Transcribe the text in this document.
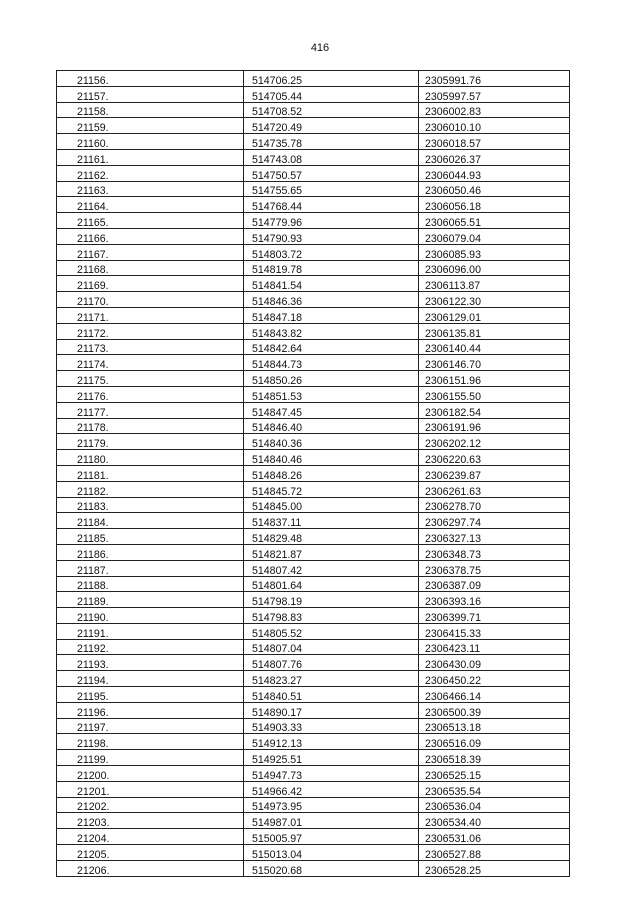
416
21156.	514706.25	2305991.76
21157.	514705.44	2305997.57
21158.	514708.52	2306002.83
21159.	514720.49	2306010.10
21160.	514735.78	2306018.57
21161.	514743.08	2306026.37
21162.	514750.57	2306044.93
21163.	514755.65	2306050.46
21164.	514768.44	2306056.18
21165.	514779.96	2306065.51
21166.	514790.93	2306079.04
21167.	514803.72	2306085.93
21168.	514819.78	2306096.00
21169.	514841.54	2306113.87
21170.	514846.36	2306122.30
21171.	514847.18	2306129.01
21172.	514843.82	2306135.81
21173.	514842.64	2306140.44
21174.	514844.73	2306146.70
21175.	514850.26	2306151.96
21176.	514851.53	2306155.50
21177.	514847.45	2306182.54
21178.	514846.40	2306191.96
21179.	514840.36	2306202.12
21180.	514840.46	2306220.63
21181.	514848.26	2306239.87
21182.	514845.72	2306261.63
21183.	514845.00	2306278.70
21184.	514837.11	2306297.74
21185.	514829.48	2306327.13
21186.	514821.87	2306348.73
21187.	514807.42	2306378.75
21188.	514801.64	2306387.09
21189.	514798.19	2306393.16
21190.	514798.83	2306399.71
21191.	514805.52	2306415.33
21192.	514807.04	2306423.11
21193.	514807.76	2306430.09
21194.	514823.27	2306450.22
21195.	514840.51	2306466.14
21196.	514890.17	2306500.39
21197.	514903.33	2306513.18
21198.	514912.13	2306516.09
21199.	514925.51	2306518.39
21200.	514947.73	2306525.15
21201.	514966.42	2306535.54
21202.	514973.95	2306536.04
21203.	514987.01	2306534.40
21204.	515005.97	2306531.06
21205.	515013.04	2306527.88
21206.	515020.68	2306528.25
